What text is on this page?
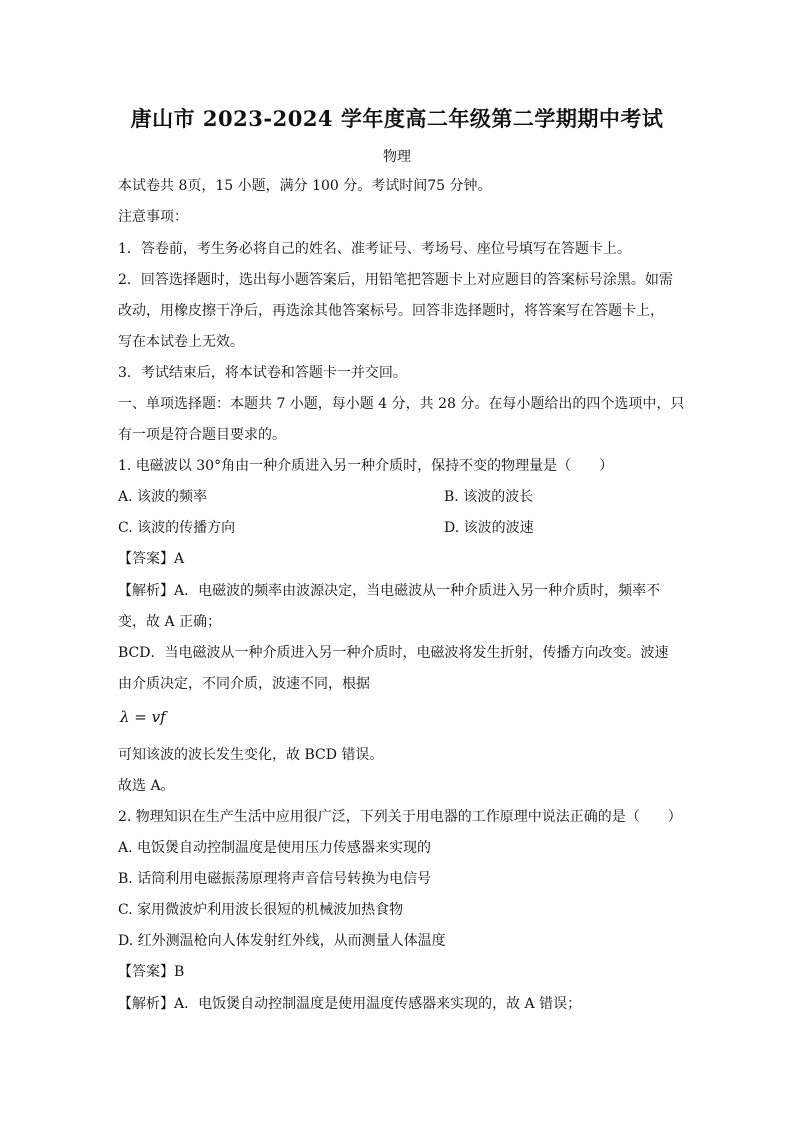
唐山市 2023-2024 学年度高二年级第二学期期中考试
物理
本试卷共 8页，15 小题，满分 100 分。考试时间75 分钟。
注意事项：
1．答卷前，考生务必将自己的姓名、准考证号、考场号、座位号填写在答题卡上。
2．回答选择题时，选出每小题答案后，用铅笔把答题卡上对应题目的答案标号涂黑。如需
改动，用橡皮擦干净后，再选涂其他答案标号。回答非选择题时，将答案写在答题卡上，
写在本试卷上无效。
3．考试结束后，将本试卷和答题卡一并交回。
一、单项选择题：本题共 7 小题，每小题 4 分，共 28 分。在每小题给出的四个选项中，只
有一项是符合题目要求的。
1. 电磁波以 30°角由一种介质进入另一种介质时，保持不变的物理量是（　　）
A. 该波的频率	B. 该波的波长
C. 该波的传播方向	D. 该波的波速
【答案】A
【解析】A．电磁波的频率由波源决定，当电磁波从一种介质进入另一种介质时，频率不
变，故 A 正确；
BCD．当电磁波从一种介质进入另一种介质时，电磁波将发生折射，传播方向改变。波速
由介质决定，不同介质，波速不同，根据
λ = vf
可知该波的波长发生变化，故 BCD 错误。
故选 A。
2. 物理知识在生产生活中应用很广泛，下列关于用电器的工作原理中说法正确的是（　　）
A. 电饭煲自动控制温度是使用压力传感器来实现的
B. 话筒利用电磁振荡原理将声音信号转换为电信号
C. 家用微波炉利用波长很短的机械波加热食物
D. 红外测温枪向人体发射红外线，从而测量人体温度
【答案】B
【解析】A．电饭煲自动控制温度是使用温度传感器来实现的，故 A 错误；
